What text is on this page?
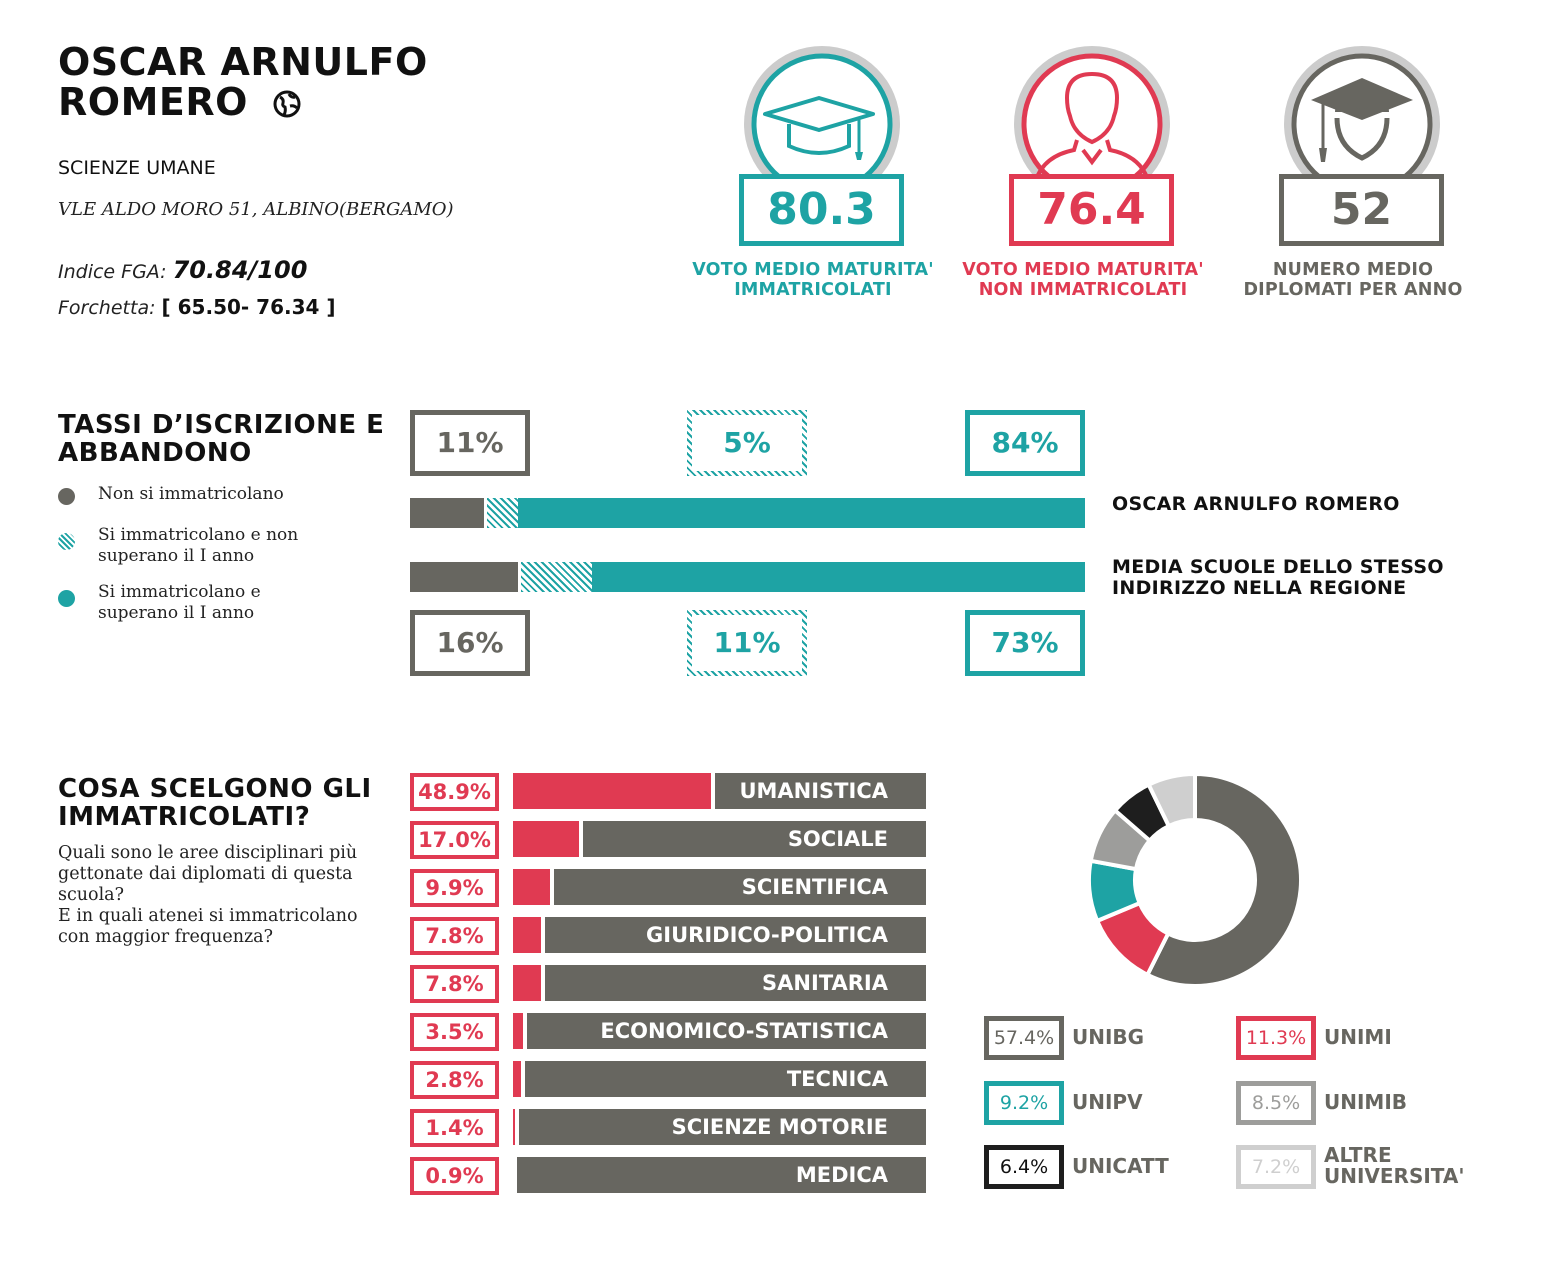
OSCAR ARNULFO
ROMERO
SCIENZE UMANE
VLE ALDO MORO 51, ALBINO(BERGAMO)
Indice FGA: 70.84/100
Forchetta: [ 65.50- 76.34 ]
80.3
VOTO MEDIO MATURITA'
IMMATRICOLATI
76.4
VOTO MEDIO MATURITA'
NON IMMATRICOLATI
52
NUMERO MEDIO
DIPLOMATI PER ANNO
TASSI D’ISCRIZIONE E
ABBANDONO
Non si immatricolano
Si immatricolano e non
superano il I anno
Si immatricolano e
superano il I anno
11%	5%	84%
OSCAR ARNULFO ROMERO
MEDIA SCUOLE DELLO STESSO
INDIRIZZO NELLA REGIONE
16%	11%	73%
COSA SCELGONO GLI
IMMATRICOLATI?
Quali sono le aree disciplinari più
gettonate dai diplomati di questa
scuola?
E in quali atenei si immatricolano
con maggior frequenza?
48.9%	UMANISTICA
17.0%	SOCIALE
9.9%	SCIENTIFICA
7.8%	GIURIDICO-POLITICA
7.8%	SANITARIA
3.5%	ECONOMICO-STATISTICA
2.8%	TECNICA
1.4%	SCIENZE MOTORIE
0.9%	MEDICA
57.4% UNIBG	11.3% UNIMI
9.2%	UNIPV	8.5%	UNIMIB
6.4%	UNICATT	7.2%	ALTRE
UNIVERSITA'
